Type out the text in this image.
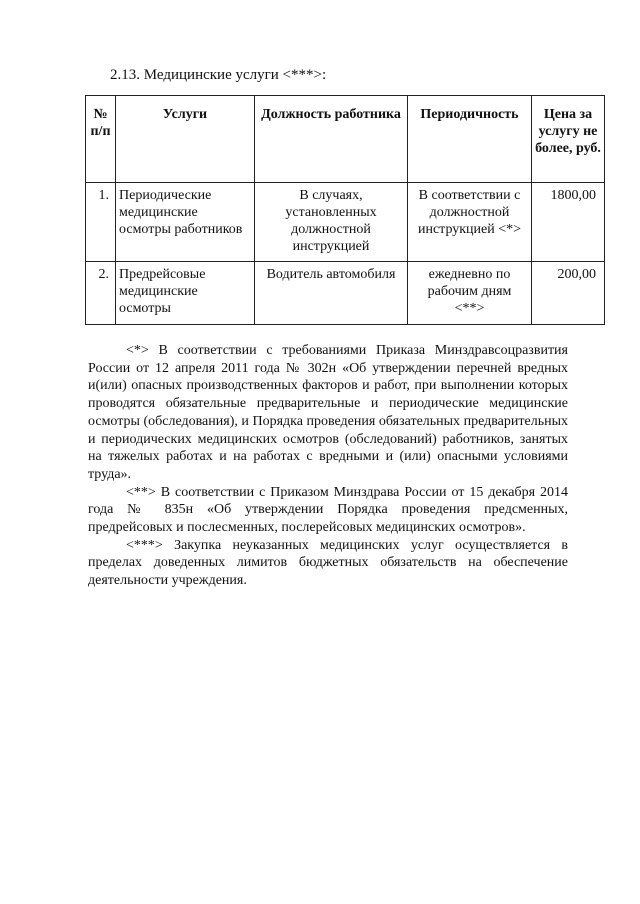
2.13. Медицинские услуги <***>:
№ п/п	Услуги	Должность работника	Периодичность	Цена за услугу не более, руб.
1.	Периодические медицинские осмотры работников	В случаях, установленных должностной инструкцией	В соответствии с должностной инструкцией <*>	1800,00
2.	Предрейсовые медицинские осмотры	Водитель автомобиля	ежедневно по рабочим дням <**>	200,00

<*> В соответствии с требованиями Приказа Минздравсоцразвития России от 12 апреля 2011 года № 302н «Об утверждении перечней вредных и(или) опасных производственных факторов и работ, при выполнении которых проводятся обязательные предварительные и периодические медицинские осмотры (обследования), и Порядка проведения обязательных предварительных и периодических медицинских осмотров (обследований) работников, занятых на тяжелых работах и на работах с вредными и (или) опасными условиями труда».

<**> В соответствии с Приказом Минздрава России от 15 декабря 2014 года № 835н «Об утверждении Порядка проведения предсменных, предрейсовых и послесменных, послерейсовых медицинских осмотров».

<***> Закупка неуказанных медицинских услуг осуществляется в пределах доведенных лимитов бюджетных обязательств на обеспечение деятельности учреждения.
